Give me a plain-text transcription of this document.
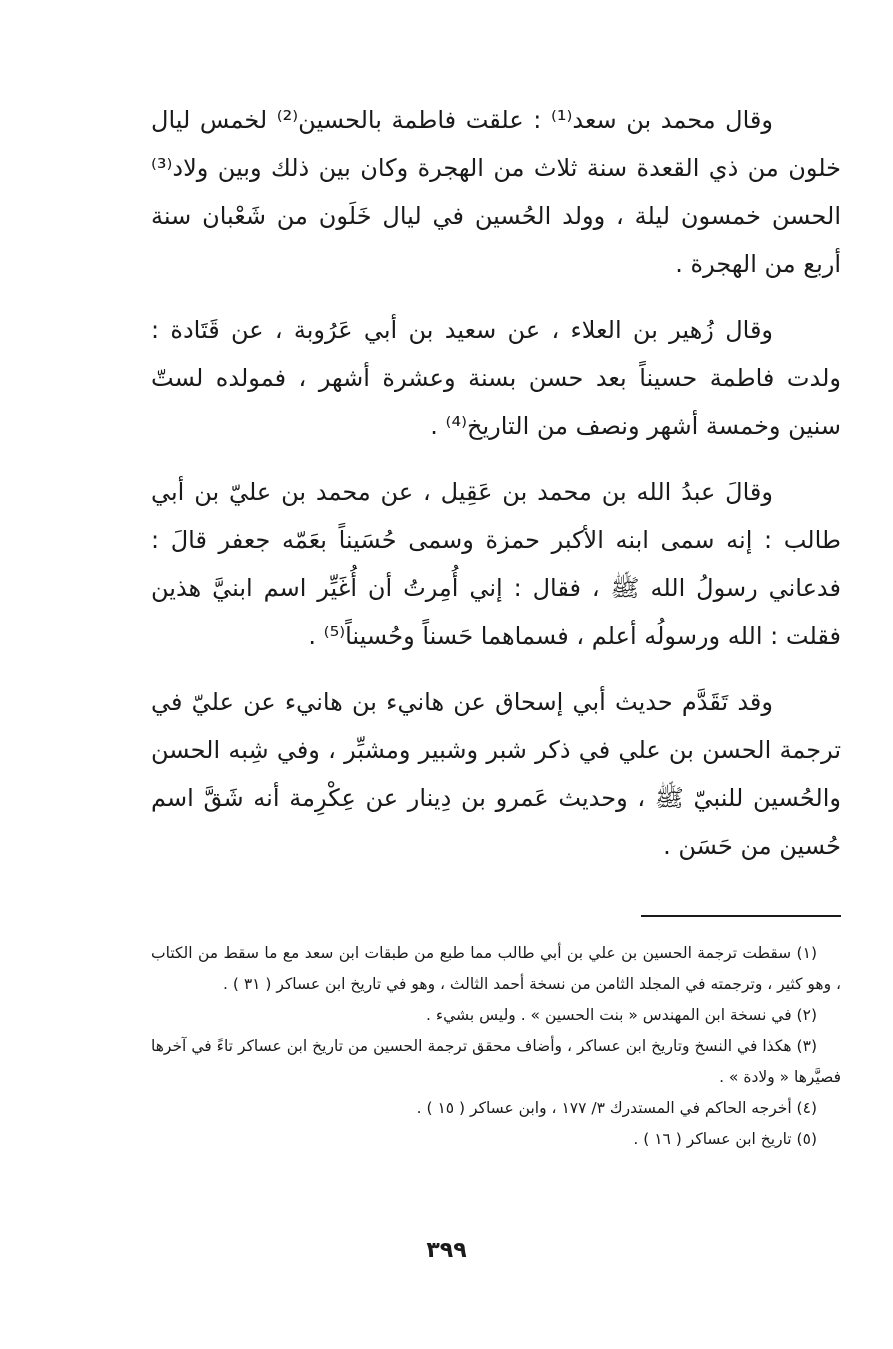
وقال محمد بن سعد⁽¹⁾ : علقت فاطمة بالحسين⁽²⁾ لخمس ليال خلون من ذي القعدة سنة ثلاث من الهجرة وكان بين ذلك وبين ولاد⁽³⁾ الحسن خمسون ليلة ، وولد الحُسين في ليال خَلَون من شَعْبان سنة أربع من الهجرة .

وقال زُهير بن العلاء ، عن سعيد بن أبي عَرُوبة ، عن قَتَادة : ولدت فاطمة حسيناً بعد حسن بسنة وعشرة أشهر ، فمولده لستّ سنين وخمسة أشهر ونصف من التاريخ⁽⁴⁾ .

وقالَ عبدُ الله بن محمد بن عَقِيل ، عن محمد بن عليّ بن أبي طالب : إنه سمى ابنه الأكبر حمزة وسمى حُسَيناً بعَمّه جعفر قالَ : فدعاني رسولُ الله ﷺ ، فقال : إني أُمِرتُ أن أُغَيِّر اسم ابنيَّ هذين فقلت : الله ورسولُه أعلم ، فسماهما حَسناً وحُسيناً⁽⁵⁾ .

وقد تَقَدَّم حديث أبي إسحاق عن هانيء بن هانيء عن عليّ في ترجمة الحسن بن علي في ذكر شبر وشبير ومشبِّر ، وفي شِبه الحسن والحُسين للنبيّ ﷺ ، وحديث عَمرو بن دِينار عن عِكْرِمة أنه شَقَّ اسم حُسين من حَسَن .

(١) سقطت ترجمة الحسين بن علي بن أبي طالب مما طبع من طبقات ابن سعد مع ما سقط من الكتاب ، وهو كثير ، وترجمته في المجلد الثامن من نسخة أحمد الثالث ، وهو في تاريخ ابن عساكر ( ٣١ ) .

(٢) في نسخة ابن المهندس « بنت الحسين » . وليس بشيء .

(٣) هكذا في النسخ وتاريخ ابن عساكر ، وأضاف محقق ترجمة الحسين من تاريخ ابن عساكر تاءً في آخرها فصيَّرها « ولادة » .

(٤) أخرجه الحاكم في المستدرك ٣/ ١٧٧ ، وابن عساكر ( ١٥ ) .

(٥) تاريخ ابن عساكر ( ١٦ ) .

٣٩٩
